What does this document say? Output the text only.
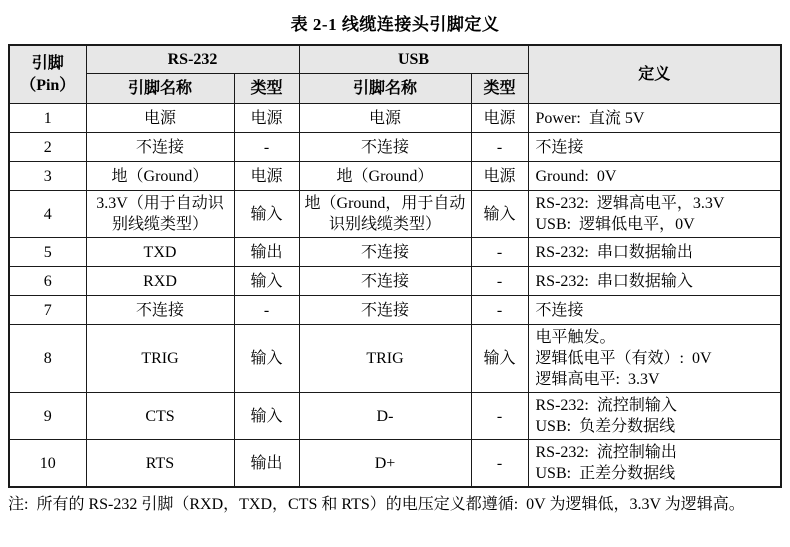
表 2-1 线缆连接头引脚定义
引脚
（Pin）	RS-232		USB		定义
	引脚名称	类型	引脚名称	类型	
1	电源	电源	电源	电源	Power:  直流 5V

2	不连接	-	不连接	-	不连接

3	地（Ground）	电源	地（Ground）	电源	Ground:  0V

4	3.3V（用于自动识别线缆类型）	输入	地（Ground，用于自动识别线缆类型）	输入	RS-232:  逻辑高电平，3.3V
USB:  逻辑低电平，0V

5	TXD	输出	不连接	-	RS-232:  串口数据输出

6	RXD	输入	不连接	-	RS-232:  串口数据输入

7	不连接	-	不连接	-	不连接

8	TRIG	输入	TRIG	输入	电平触发。
逻辑低电平（有效）:  0V
逻辑高电平:  3.3V

9	CTS	输入	D-	-	RS-232:  流控制输入
USB:  负差分数据线

10	RTS	输出	D+	-	RS-232:  流控制输出
USB:  正差分数据线
注:  所有的 RS-232 引脚（RXD，TXD，CTS 和 RTS）的电压定义都遵循:  0V 为逻辑低，3.3V 为逻辑高。
